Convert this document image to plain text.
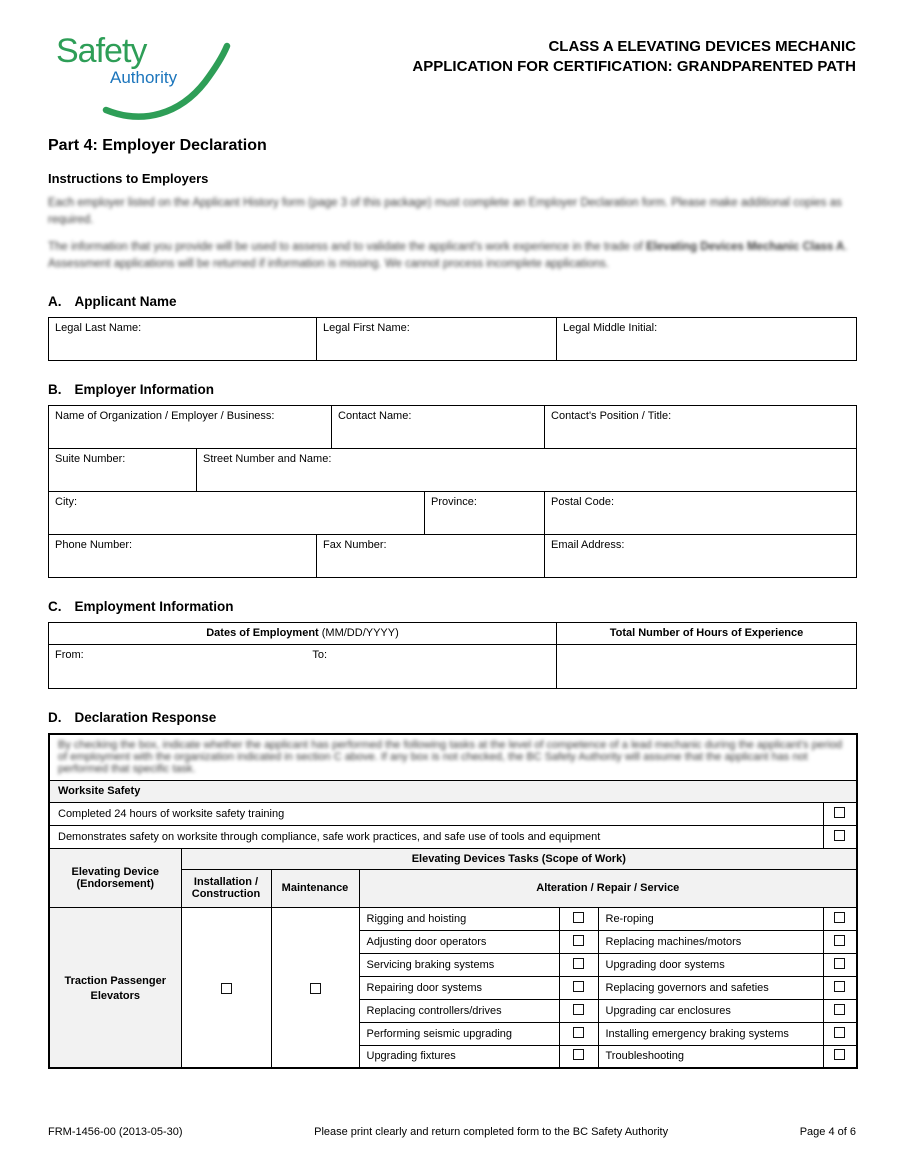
Safety
Authority
CLASS A ELEVATING DEVICES MECHANIC
APPLICATION FOR CERTIFICATION: GRANDPARENTED PATH
Part 4: Employer Declaration
Instructions to Employers
Each employer listed on the Applicant History form (page 3 of this package) must complete an Employer Declaration form. Please make additional copies as required.
The information that you provide will be used to assess and to validate the applicant's work experience in the trade of Elevating Devices Mechanic Class A. Assessment applications will be returned if information is missing. We cannot process incomplete applications.
A. Applicant Name
Legal Last Name:	Legal First Name:	Legal Middle Initial:
B. Employer Information
Name of Organization / Employer / Business:			Contact Name:		Contact's Position / Title:
Suite Number:	Street Number and Name:				
City:				Province:	Postal Code:
Phone Number:		Fax Number:			Email Address:
C. Employment Information
Dates of Employment (MM/DD/YYYY)	Total Number of Hours of Experience

From: To:	

D. Declaration Response
By checking the box, indicate whether the applicant has performed the following tasks at the level of competence of a lead mechanic during the applicant's period of employment with the organization indicated in section C above. If any box is not checked, the BC Safety Authority will assume that the applicant has not performed that specific task.						
Worksite Safety						
Completed 24 hours of worksite safety training						
Demonstrates safety on worksite through compliance, safe work practices, and safe use of tools and equipment						
Elevating Device (Endorsement)	Elevating Devices Tasks (Scope of Work)					
	Installation / Construction	Maintenance	Alteration / Repair / Service			
Traction Passenger Elevators			Rigging and hoisting		Re-roping	
			Adjusting door operators		Replacing machines/motors	
			Servicing braking systems		Upgrading door systems	
			Repairing door systems		Replacing governors and safeties	
			Replacing controllers/drives		Upgrading car enclosures	
			Performing seismic upgrading		Installing emergency braking systems	
			Upgrading fixtures		Troubleshooting	
FRM-1456-00 (2013-05-30)	Please print clearly and return completed form to the BC Safety Authority	Page 4 of 6
